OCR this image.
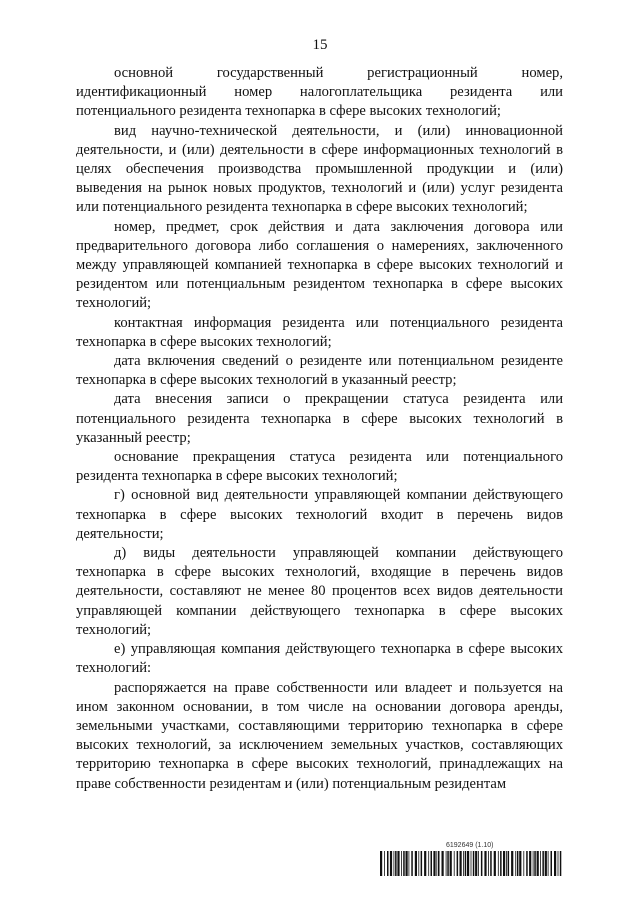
15

основной государственный регистрационный номер, идентификационный номер налогоплательщика резидента или потенциального резидента технопарка в сфере высоких технологий;

вид научно-технической деятельности, и (или) инновационной деятельности, и (или) деятельности в сфере информационных технологий в целях обеспечения производства промышленной продукции и (или) выведения на рынок новых продуктов, технологий и (или) услуг резидента или потенциального резидента технопарка в сфере высоких технологий;

номер, предмет, срок действия и дата заключения договора или предварительного договора либо соглашения о намерениях, заключенного между управляющей компанией технопарка в сфере высоких технологий и резидентом или потенциальным резидентом технопарка в сфере высоких технологий;

контактная информация резидента или потенциального резидента технопарка в сфере высоких технологий;

дата включения сведений о резиденте или потенциальном резиденте технопарка в сфере высоких технологий в указанный реестр;

дата внесения записи о прекращении статуса резидента или потенциального резидента технопарка в сфере высоких технологий в указанный реестр;

основание прекращения статуса резидента или потенциального резидента технопарка в сфере высоких технологий;

г) основной вид деятельности управляющей компании действующего технопарка в сфере высоких технологий входит в перечень видов деятельности;

д) виды деятельности управляющей компании действующего технопарка в сфере высоких технологий, входящие в перечень видов деятельности, составляют не менее 80 процентов всех видов деятельности управляющей компании действующего технопарка в сфере высоких технологий;

е) управляющая компания действующего технопарка в сфере высоких технологий:

распоряжается на праве собственности или владеет и пользуется на ином законном основании, в том числе на основании договора аренды, земельными участками, составляющими территорию технопарка в сфере высоких технологий, за исключением земельных участков, составляющих территорию технопарка в сфере высоких технологий, принадлежащих на праве собственности резидентам и (или) потенциальным резидентам

6192649 (1.10)
